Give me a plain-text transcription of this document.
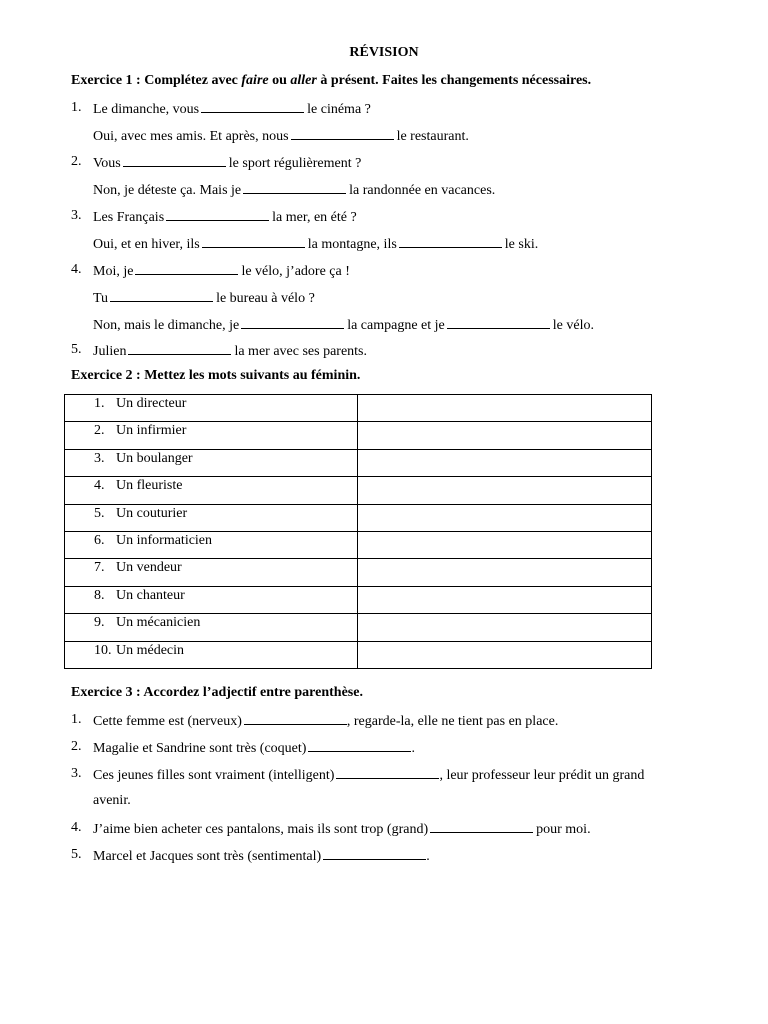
RÉVISION
Exercice 1 : Complétez avec faire ou aller à présent. Faites les changements nécessaires.
1. Le dimanche, vous	le cinéma ?
Oui, avec mes amis. Et après, nous	le restaurant.
2. Vous	le sport régulièrement ?
Non, je déteste ça. Mais je	la randonnée en vacances.
3. Les Français	la mer, en été ?
Oui, et en hiver, ils	la montagne, ils	le ski.
4. Moi, je	le vélo, j’adore ça !
Tu	le bureau à vélo ?
Non, mais le dimanche, je	la campagne et je	le vélo.
5. Julien	la mer avec ses parents.
Exercice 2 : Mettez les mots suivants au féminin.
1. Un directeur	

2. Un infirmier	

3. Un boulanger	

4. Un fleuriste	

5. Un couturier	

6. Un informaticien	

7. Un vendeur	

8. Un chanteur	

9. Un mécanicien	

10. Un médecin	

Exercice 3 : Accordez l’adjectif entre parenthèse.
1. Cette femme est (nerveux)	, regarde-la, elle ne tient pas en place.
2. Magalie et Sandrine sont très (coquet)	.
3. Ces jeunes filles sont vraiment (intelligent)	, leur professeur leur prédit un grand
avenir.
4. J’aime bien acheter ces pantalons, mais ils sont trop (grand)	pour moi.
5. Marcel et Jacques sont très (sentimental)	.
